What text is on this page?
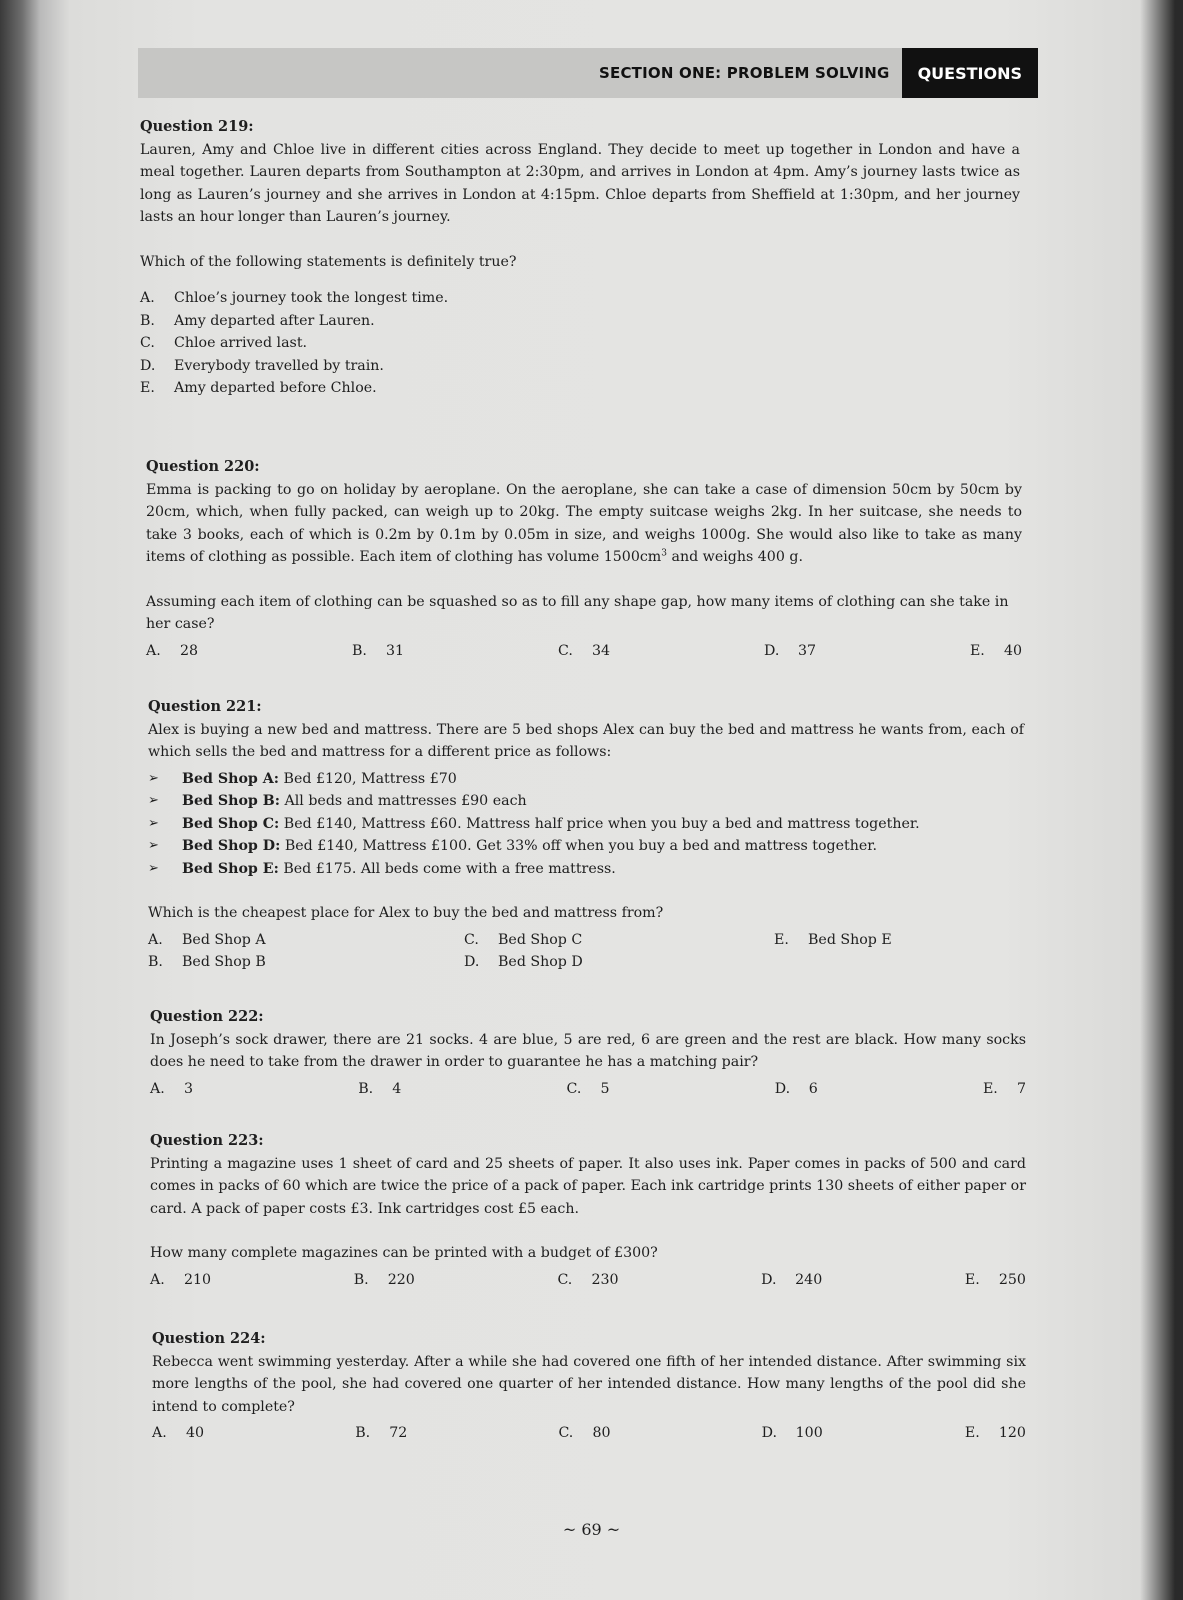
SECTION ONE: PROBLEM SOLVING	QUESTIONS
Question 219:

Lauren, Amy and Chloe live in different cities across England. They decide to meet up together in London and have a meal together. Lauren departs from Southampton at 2:30pm, and arrives in London at 4pm. Amy’s journey lasts twice as long as Lauren’s journey and she arrives in London at 4:15pm. Chloe departs from Sheffield at 1:30pm, and her journey lasts an hour longer than Lauren’s journey.

Which of the following statements is definitely true?
A.	Chloe’s journey took the longest time.
B.	Amy departed after Lauren.
C.	Chloe arrived last.
D.	Everybody travelled by train.
E.	Amy departed before Chloe.
Question 220:

Emma is packing to go on holiday by aeroplane. On the aeroplane, she can take a case of dimension 50cm by 50cm by 20cm, which, when fully packed, can weigh up to 20kg. The empty suitcase weighs 2kg. In her suitcase, she needs to take 3 books, each of which is 0.2m by 0.1m by 0.05m in size, and weighs 1000g. She would also like to take as many items of clothing as possible. Each item of clothing has volume $1500cm^3$ and weighs 400 g.

Assuming each item of clothing can be squashed so as to fill any shape gap, how many items of clothing can she take in her case?
A.	28	B.	31	C.	34	D.	37	E.	40
Question 221:

Alex is buying a new bed and mattress. There are 5 bed shops Alex can buy the bed and mattress he wants from, each of which sells the bed and mattress for a different price as follows:

➢	Bed Shop A: Bed £120, Mattress £70
➢	Bed Shop B: All beds and mattresses £90 each
➢	Bed Shop C: Bed £140, Mattress £60. Mattress half price when you buy a bed and mattress together.
➢	Bed Shop D: Bed £140, Mattress £100. Get 33% off when you buy a bed and mattress together.
➢	Bed Shop E: Bed £175. All beds come with a free mattress.
Which is the cheapest place for Alex to buy the bed and mattress from?
A.	Bed Shop A	C.	Bed Shop C	E.	Bed Shop E
B.	Bed Shop B	D.	Bed Shop D
Question 222:

In Joseph’s sock drawer, there are 21 socks. 4 are blue, 5 are red, 6 are green and the rest are black. How many socks does he need to take from the drawer in order to guarantee he has a matching pair?

A.	3	B.	4	C.	5	D.	6	E.	7
Question 223:

Printing a magazine uses 1 sheet of card and 25 sheets of paper. It also uses ink. Paper comes in packs of 500 and card comes in packs of 60 which are twice the price of a pack of paper. Each ink cartridge prints 130 sheets of either paper or card. A pack of paper costs £3. Ink cartridges cost £5 each.

How many complete magazines can be printed with a budget of £300?
A.	210	B.	220	C.	230	D.	240	E.	250
Question 224:

Rebecca went swimming yesterday. After a while she had covered one fifth of her intended distance. After swimming six more lengths of the pool, she had covered one quarter of her intended distance. How many lengths of the pool did she intend to complete?

A.	40	B.	72	C.	80	D.	100	E.	120
~ 69 ~
